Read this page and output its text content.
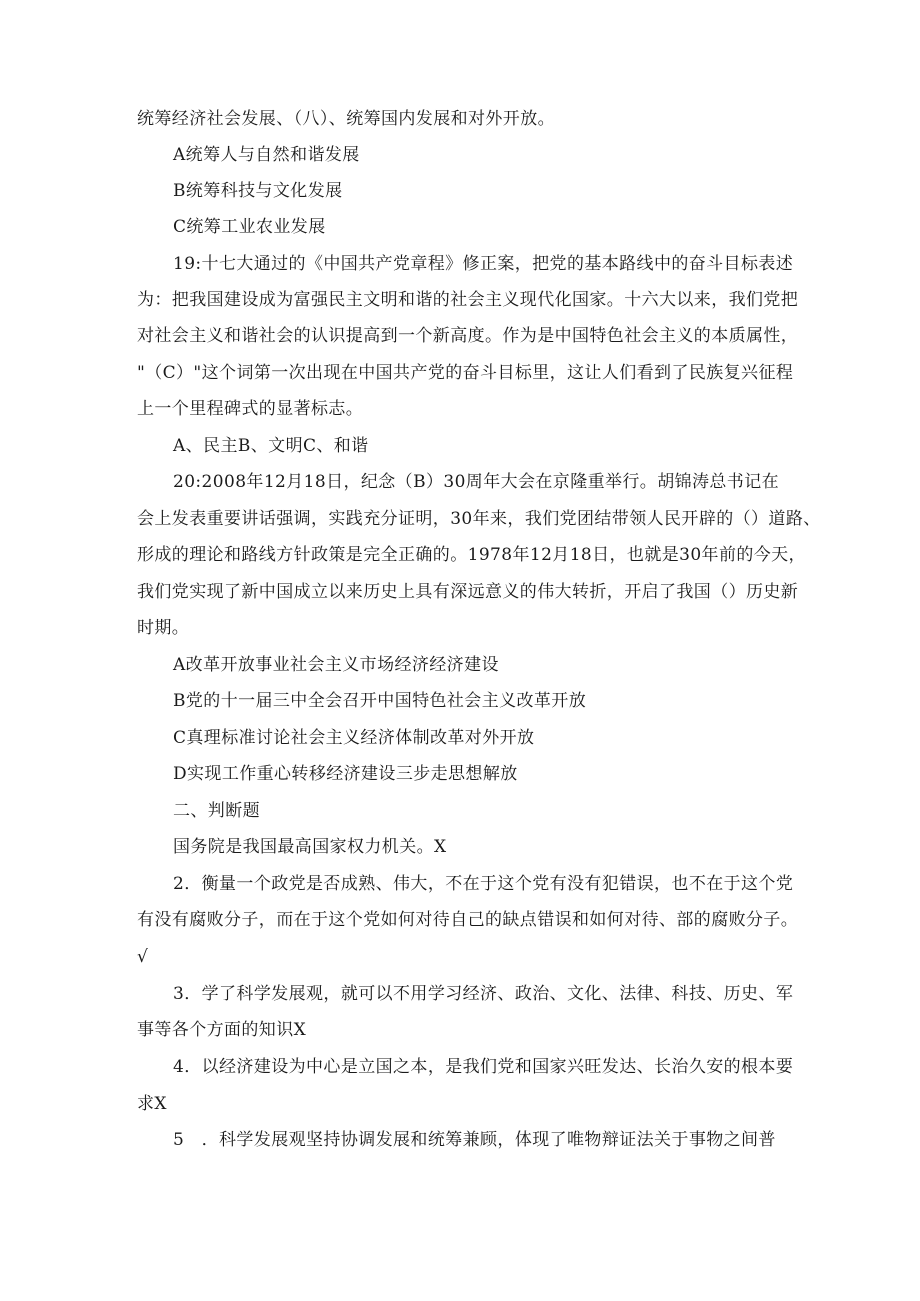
统筹经济社会发展、（八）、统筹国内发展和对外开放。
A统筹人与自然和谐发展
B统筹科技与文化发展
C统筹工业农业发展
19:十七大通过的《中国共产党章程》修正案，把党的基本路线中的奋斗目标表述
为：把我国建设成为富强民主文明和谐的社会主义现代化国家。十六大以来，我们党把
对社会主义和谐社会的认识提高到一个新高度。作为是中国特色社会主义的本质属性，
"（C）"这个词第一次出现在中国共产党的奋斗目标里，这让人们看到了民族复兴征程
上一个里程碑式的显著标志。
A、民主B、文明C、和谐
20:2008年12月18日，纪念（B）30周年大会在京隆重举行。胡锦涛总书记在
会上发表重要讲话强调，实践充分证明，30年来，我们党团结带领人民开辟的（）道路、
形成的理论和路线方针政策是完全正确的。1978年12月18日，也就是30年前的今天，
我们党实现了新中国成立以来历史上具有深远意义的伟大转折，开启了我国（）历史新
时期。
A改革开放事业社会主义市场经济经济建设
B党的十一届三中全会召开中国特色社会主义改革开放
C真理标准讨论社会主义经济体制改革对外开放
D实现工作重心转移经济建设三步走思想解放
二、判断题
国务院是我国最高国家权力机关。X
2．衡量一个政党是否成熟、伟大，不在于这个党有没有犯错误，也不在于这个党
有没有腐败分子，而在于这个党如何对待自己的缺点错误和如何对待、部的腐败分子。
√
3．学了科学发展观，就可以不用学习经济、政治、文化、法律、科技、历史、军
事等各个方面的知识X
4．以经济建设为中心是立国之本，是我们党和国家兴旺发达、长治久安的根本要
求X
5　．科学发展观坚持协调发展和统筹兼顾，体现了唯物辩证法关于事物之间普
